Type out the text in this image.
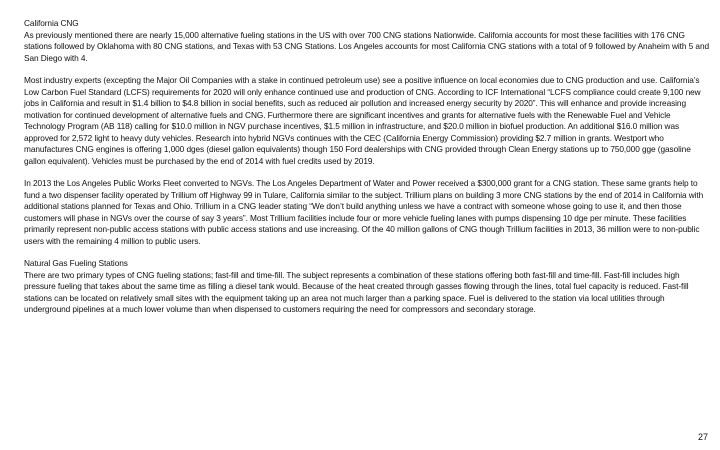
California CNG

As previously mentioned there are nearly 15,000 alternative fueling stations in the US with over 700 CNG stations Nationwide. California accounts for most these facilities with 176 CNG stations followed by Oklahoma with 80 CNG stations, and Texas with 53 CNG Stations. Los Angeles accounts for most California CNG stations with a total of 9 followed by Anaheim with 5 and San Diego with 4.

Most industry experts (excepting the Major Oil Companies with a stake in continued petroleum use) see a positive influence on local economies due to CNG production and use. California’s Low Carbon Fuel Standard (LCFS) requirements for 2020 will only enhance continued use and production of CNG. According to ICF International “LCFS compliance could create 9,100 new jobs in California and result in $1.4 billion to $4.8 billion in social benefits, such as reduced air pollution and increased energy security by 2020”. This will enhance and provide increasing motivation for continued development of alternative fuels and CNG. Furthermore there are significant incentives and grants for alternative fuels with the Renewable Fuel and Vehicle Technology Program (AB 118) calling for $10.0 million in NGV purchase incentives, $1.5 million in infrastructure, and $20.0 million in biofuel production. An additional $16.0 million was approved for 2,572 light to heavy duty vehicles. Research into hybrid NGVs continues with the CEC (California Energy Commission) providing $2.7 million in grants. Westport who manufactures CNG engines is offering 1,000 dges (diesel gallon equivalents) though 150 Ford dealerships with CNG provided through Clean Energy stations up to 750,000 gge (gasoline gallon equivalent). Vehicles must be purchased by the end of 2014 with fuel credits used by 2019.

In 2013 the Los Angeles Public Works Fleet converted to NGVs. The Los Angeles Department of Water and Power received a $300,000 grant for a CNG station. These same grants help to fund a two dispenser facility operated by Trillium off Highway 99 in Tulare, California similar to the subject. Trillium plans on building 3 more CNG stations by the end of 2014 in California with additional stations planned for Texas and Ohio. Trillium in a CNG leader stating “We don’t build anything unless we have a contract with someone whose going to use it, and then those customers will phase in NGVs over the course of say 3 years”. Most Trillium facilities include four or more vehicle fueling lanes with pumps dispensing 10 dge per minute. These facilities primarily represent non-public access stations with public access stations and use increasing. Of the 40 million gallons of CNG though Trillium facilities in 2013, 36 million were to non-public users with the remaining 4 million to public users.

Natural Gas Fueling Stations

There are two primary types of CNG fueling stations; fast-fill and time-fill. The subject represents a combination of these stations offering both fast-fill and time-fill. Fast-fill includes high pressure fueling that takes about the same time as filling a diesel tank would. Because of the heat created through gasses flowing through the lines, total fuel capacity is reduced. Fast-fill stations can be located on relatively small sites with the equipment taking up an area not much larger than a parking space. Fuel is delivered to the station via local utilities through underground pipelines at a much lower volume than when dispensed to customers requiring the need for compressors and secondary storage.

27
